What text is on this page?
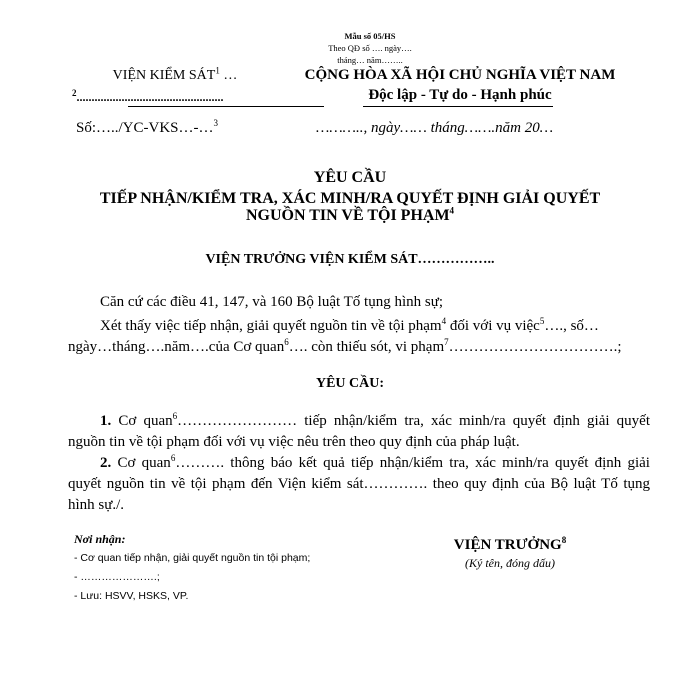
Mẫu số 05/HS
Theo QĐ số …. ngày….
tháng… năm……..
VIỆN KIỂM SÁT$^1$ …
$^2$.................................................
CỘNG HÒA XÃ HỘI CHỦ NGHĨA VIỆT NAM
Độc lập - Tự do - Hạnh phúc
Số:…../YC-VKS…-…$^3$	……….., ngày…… tháng…….năm 20…
YÊU CẦU
TIẾP NHẬN/KIỂM TRA, XÁC MINH/RA QUYẾT ĐỊNH GIẢI QUYẾT
NGUỒN TIN VỀ TỘI PHẠM$^4$
VIỆN TRƯỞNG VIỆN KIỂM SÁT……………..
Căn cứ các điều 41, 147, và 160 Bộ luật Tố tụng hình sự;
Xét thấy việc tiếp nhận, giải quyết nguồn tin về tội phạm$^4$ đối với vụ việc$^5$…., số…
ngày…tháng….năm….của Cơ quan$^6$…. còn thiếu sót, vi phạm$^7$…………………………….;
YÊU CẦU:
1. Cơ quan$^6$…………………… tiếp nhận/kiểm tra, xác minh/ra quyết định giải quyết nguồn tin về tội phạm đối với vụ việc nêu trên theo quy định của pháp luật.
2. Cơ quan$^6$………. thông báo kết quả tiếp nhận/kiểm tra, xác minh/ra quyết định giải quyết nguồn tin về tội phạm đến Viện kiểm sát…………. theo quy định của Bộ luật Tố tụng hình sự./.
Nơi nhận:
- Cơ quan tiếp nhận, giải quyết nguồn tin tội phạm;
- ………………….;
- Lưu: HSVV, HSKS, VP.
VIỆN TRƯỞNG$^8$
(Ký tên, đóng dấu)
